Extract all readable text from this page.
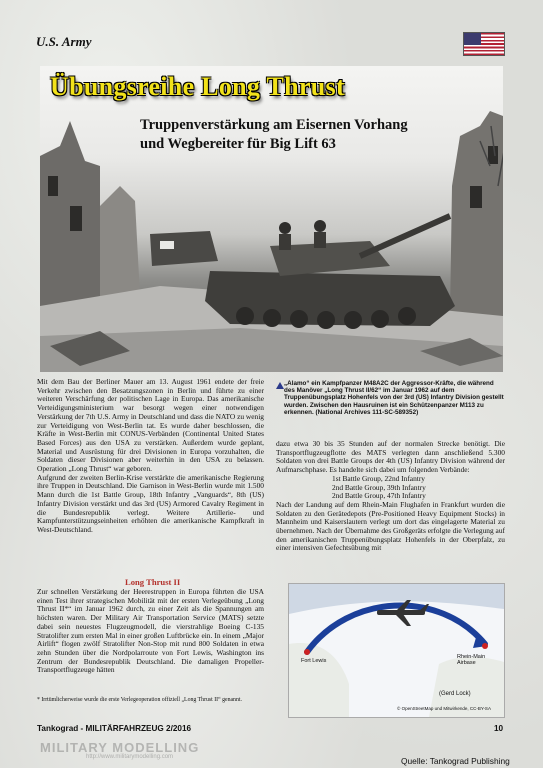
U.S. Army
Übungsreihe Long Thrust
Truppenverstärkung am Eisernen Vorhang
und Wegbereiter für Big Lift 63

Mit dem Bau der Berliner Mauer am 13. August 1961 endete der freie Verkehr zwischen den Besatzungszonen in Berlin und führte zu einer weiteren Verschärfung der politischen Lage in Europa. Das amerikanische Verteidigungsministerium war besorgt wegen einer notwendigen Verstärkung der 7th U.S. Army in Deutschland und dass die NATO zu wenig zur Verteidigung von West-Berlin tat. Es wurde daher beschlossen, die Kräfte in West-Berlin mit CONUS-Verbänden (Continental United States Based Forces) aus den USA zu verstärken. Außerdem wurde geplant, Material und Ausrüstung für drei Divisionen in Europa vorzuhalten, die Soldaten dieser Divisionen aber weiterhin in den USA zu belassen. Operation „Long Thrust“ war geboren.

Aufgrund der zweiten Berlin-Krise verstärkte die amerikanische Regierung ihre Truppen in Deutschland. Die Garnison in West-Berlin wurde mit 1.500 Mann durch die 1st Battle Group, 18th Infantry „Vanguards“, 8th (US) Infantry Division verstärkt und das 3rd (US) Armored Cavalry Regiment in die Bundesrepublik verlegt. Weitere Artillerie- und Kampfunterstützungseinheiten erhöhten die amerikanische Kampfkraft in West-Deutschland.

„Alamo“ ein Kampfpanzer M48A2C der Aggressor-Kräfte, die während des Manöver „Long Thrust II/62“ im Januar 1962 auf dem Truppenübungsplatz Hohenfels von der 3rd (US) Infantry Division gestellt wurden. Zwischen den Hausruinen ist ein Schützenpanzer M113 zu erkennen. (National Archives 111-SC-589352)

dazu etwa 30 bis 35 Stunden auf der normalen Strecke benötigt. Die Transportflugzeugflotte des MATS verlegten dann anschließend 5.300 Soldaten von drei Battle Groups der 4th (US) Infantry Division während der Aufmarschphase. Es handelte sich dabei um folgenden Verbände:

1st Battle Group, 22nd Infantry

2nd Battle Group, 39th Infantry

2nd Battle Group, 47th Infantry

Nach der Landung auf dem Rhein-Main Flughafen in Frankfurt wurden die Soldaten zu den Gerätedepots (Pre-Positioned Heavy Equipment Stocks) in Mannheim und Kaiserslautern verlegt um dort das eingelagerte Material zu übernehmen. Nach der Übernahme des Großgeräts erfolgte die Verlegung auf den amerikanischen Truppenübungsplatz Hohenfels in der Oberpfalz, zu einer intensiven Gefechtsübung mit

Long Thrust II
Zur schnellen Verstärkung der Heerestruppen in Europa führten die USA einen Test ihrer strategischen Mobilität mit der ersten Verlegeübung „Long Thrust II*“ im Januar 1962 durch, zu einer Zeit als die Spannungen am höchsten waren. Der Military Air Transportation Service (MATS) setzte dabei sein neuestes Flugzeugmodell, die vierstrahlige Boeing C-135 Stratolifter zum ersten Mal in einer großen Luftbrücke ein. In einem „Major Airlift“ flogen zwölf Stratolifter Non-Stop mit rund 800 Soldaten in etwa zehn Stunden über die Nordpolarroute von Fort Lewis, Washington ins Zentrum der Bundesrepublik Deutschland. Die damaligen Propeller-Transportflugzeuge hätten
* Irrtümlicherweise wurde die erste Verlegeoperation offiziell „Long Thrust II“ genannt.
Fort Lewis
Rhein-Main Airbase
(Gerd Lock)
© OpenStreetMap und Mitwirkende, CC-BY-SA
Tankograd - MILITÄRFAHRZEUG 2/2016	10
MILITARY MODELLING
http://www.militarymodelling.com	Quelle: Tankograd Publishing
